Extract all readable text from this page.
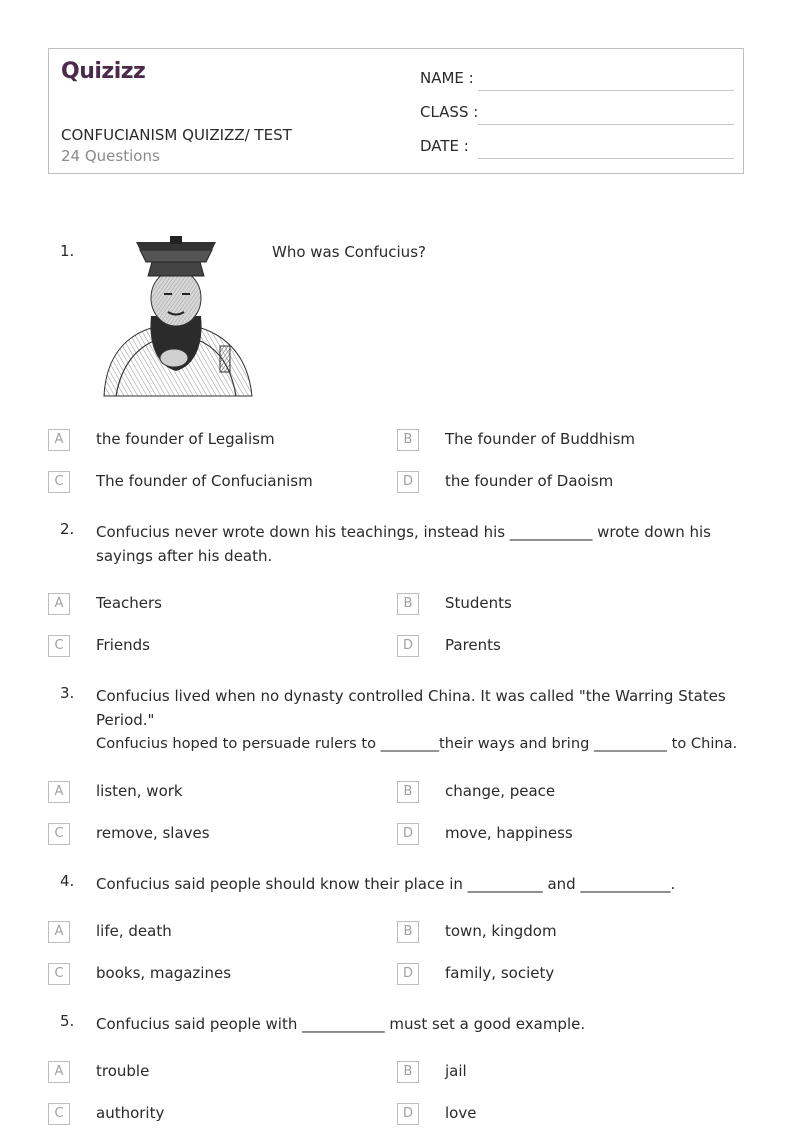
Quizizz
CONFUCIANISM QUIZIZZ/ TEST
24 Questions
NAME :
CLASS :
DATE :
1.	Who was Confucius?
A	the founder of Legalism	B	The founder of Buddhism
C	The founder of Confucianism	D	the founder of Daoism
2. Confucius never wrote down his teachings, instead his ___________ wrote down his
sayings after his death.
A	Teachers	B	Students
C	Friends	D	Parents
3. Confucius lived when no dynasty controlled China. It was called "the Warring States
Period."
Confucius hoped to persuade rulers to ________their ways and bring __________ to China.
A	listen, work	B	change, peace
C	remove, slaves	D	move, happiness
4. Confucius said people should know their place in __________ and ____________.
A	life, death	B	town, kingdom
C	books, magazines	D	family, society
5. Confucius said people with ___________ must set a good example.
A	trouble	B	jail
C	authority	D	love
